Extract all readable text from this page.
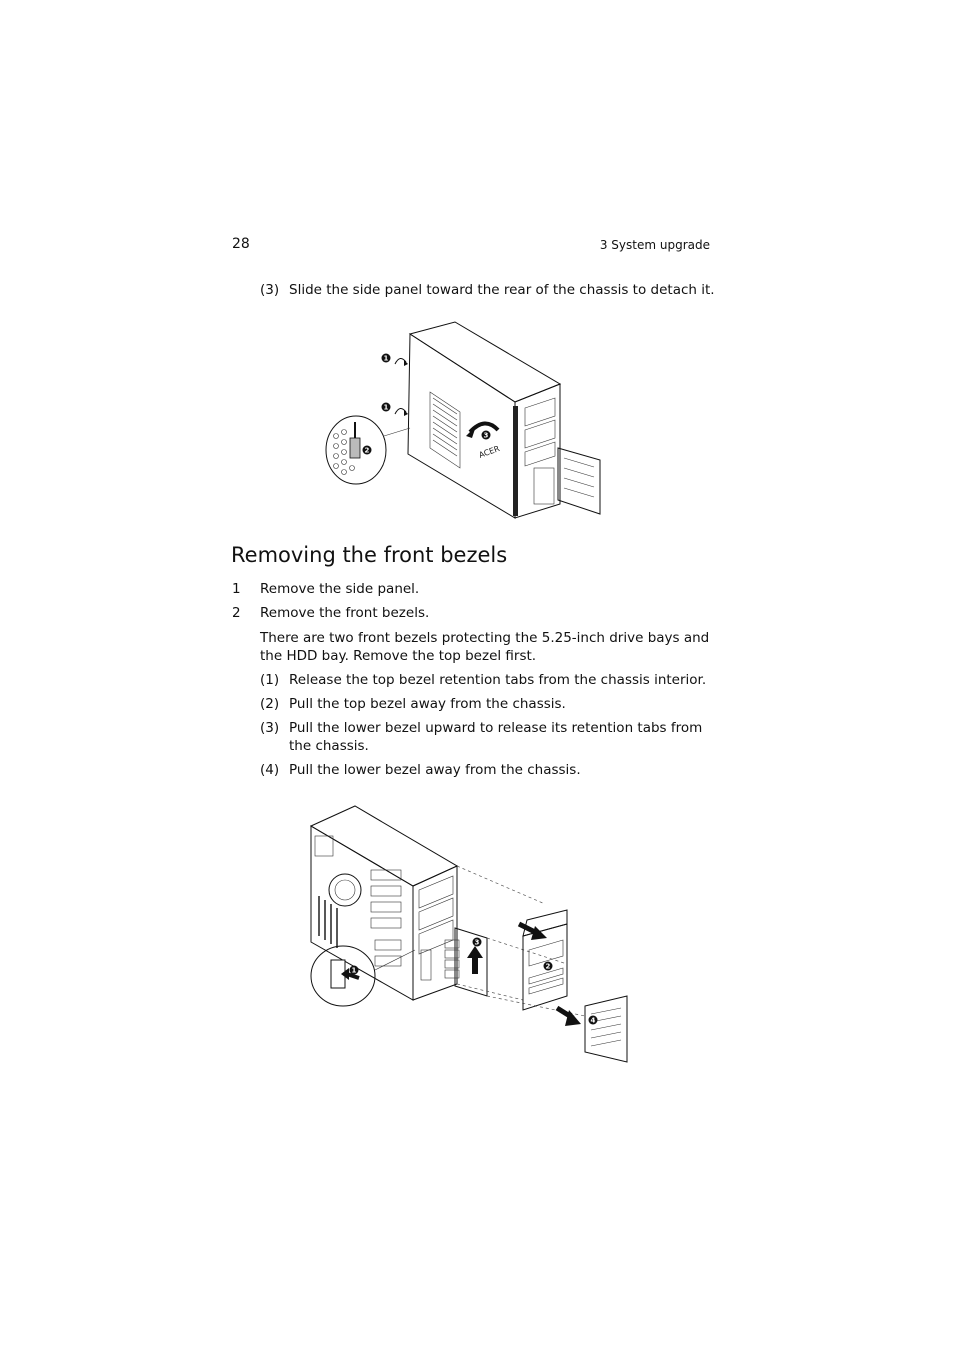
28	3 System upgrade
(3) Slide the side panel toward the rear of the chassis to detach it.
ACER
1
1
2
3
Removing the front bezels
1 Remove the side panel.
2 Remove the front bezels.
There are two front bezels protecting the 5.25-inch drive bays and
the HDD bay. Remove the top bezel first.
(1) Release the top bezel retention tabs from the chassis interior.
(2) Pull the top bezel away from the chassis.
(3) Pull the lower bezel upward to release its retention tabs from
the chassis.
(4) Pull the lower bezel away from the chassis.
3
2
4
1
